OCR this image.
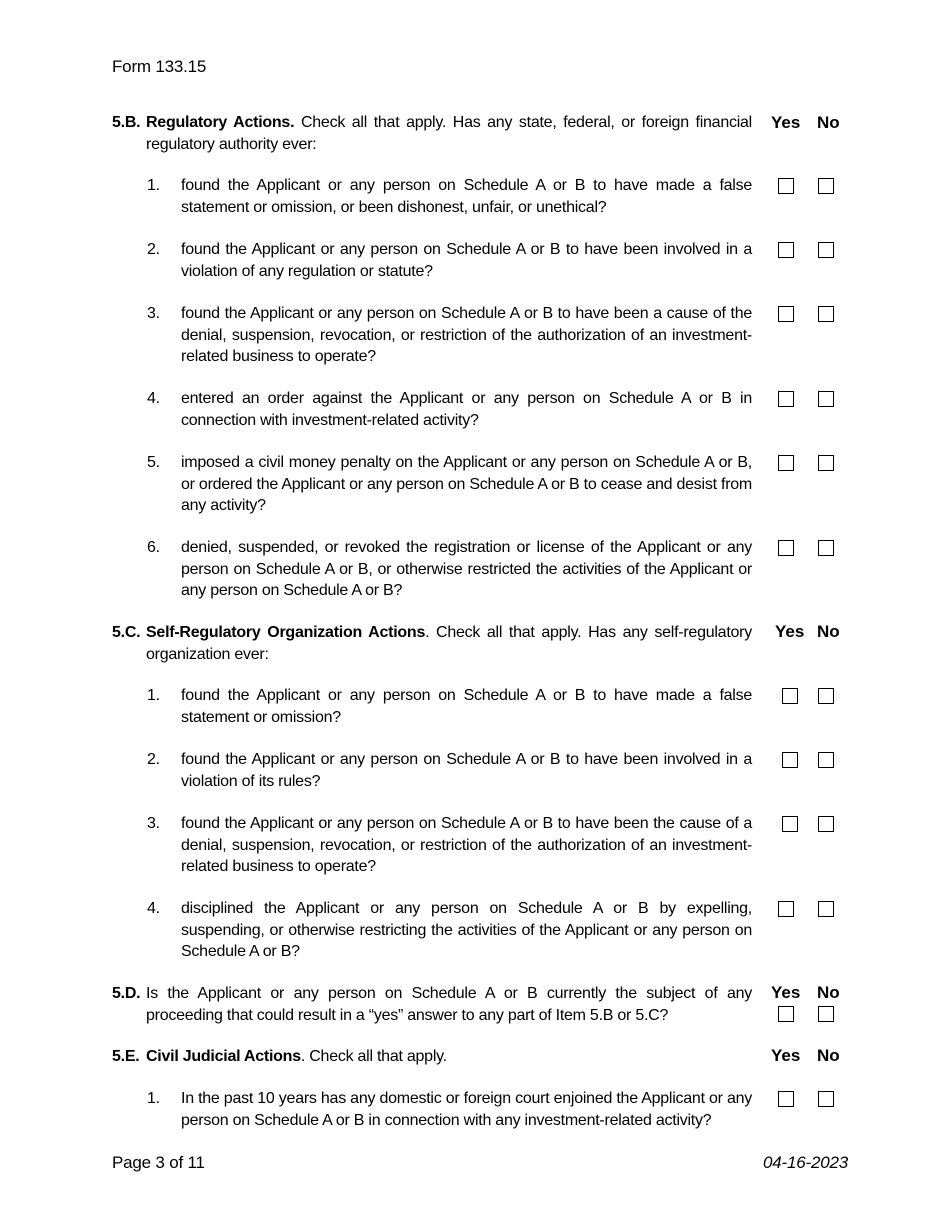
Form 133.15
5.B. Regulatory Actions. Check all that apply. Has any state, federal, or foreign financial regulatory authority ever:
Yes No
1. found the Applicant or any person on Schedule A or B to have made a false statement or omission, or been dishonest, unfair, or unethical?
2. found the Applicant or any person on Schedule A or B to have been involved in a violation of any regulation or statute?
3. found the Applicant or any person on Schedule A or B to have been a cause of the denial, suspension, revocation, or restriction of the authorization of an investment-related business to operate?
4. entered an order against the Applicant or any person on Schedule A or B in connection with investment-related activity?
5. imposed a civil money penalty on the Applicant or any person on Schedule A or B, or ordered the Applicant or any person on Schedule A or B to cease and desist from any activity?
6. denied, suspended, or revoked the registration or license of the Applicant or any person on Schedule A or B, or otherwise restricted the activities of the Applicant or any person on Schedule A or B?
5.C. Self-Regulatory Organization Actions. Check all that apply. Has any self-regulatory organization ever:
Yes No
1. found the Applicant or any person on Schedule A or B to have made a false statement or omission?
2. found the Applicant or any person on Schedule A or B to have been involved in a violation of its rules?
3. found the Applicant or any person on Schedule A or B to have been the cause of a denial, suspension, revocation, or restriction of the authorization of an investment-related business to operate?
4. disciplined the Applicant or any person on Schedule A or B by expelling, suspending, or otherwise restricting the activities of the Applicant or any person on Schedule A or B?
5.D. Is the Applicant or any person on Schedule A or B currently the subject of any proceeding that could result in a “yes” answer to any part of Item 5.B or 5.C?
Yes No
5.E. Civil Judicial Actions. Check all that apply.	Yes No
1. In the past 10 years has any domestic or foreign court enjoined the Applicant or any person on Schedule A or B in connection with any investment-related activity?
Page 3 of 11	04-16-2023
